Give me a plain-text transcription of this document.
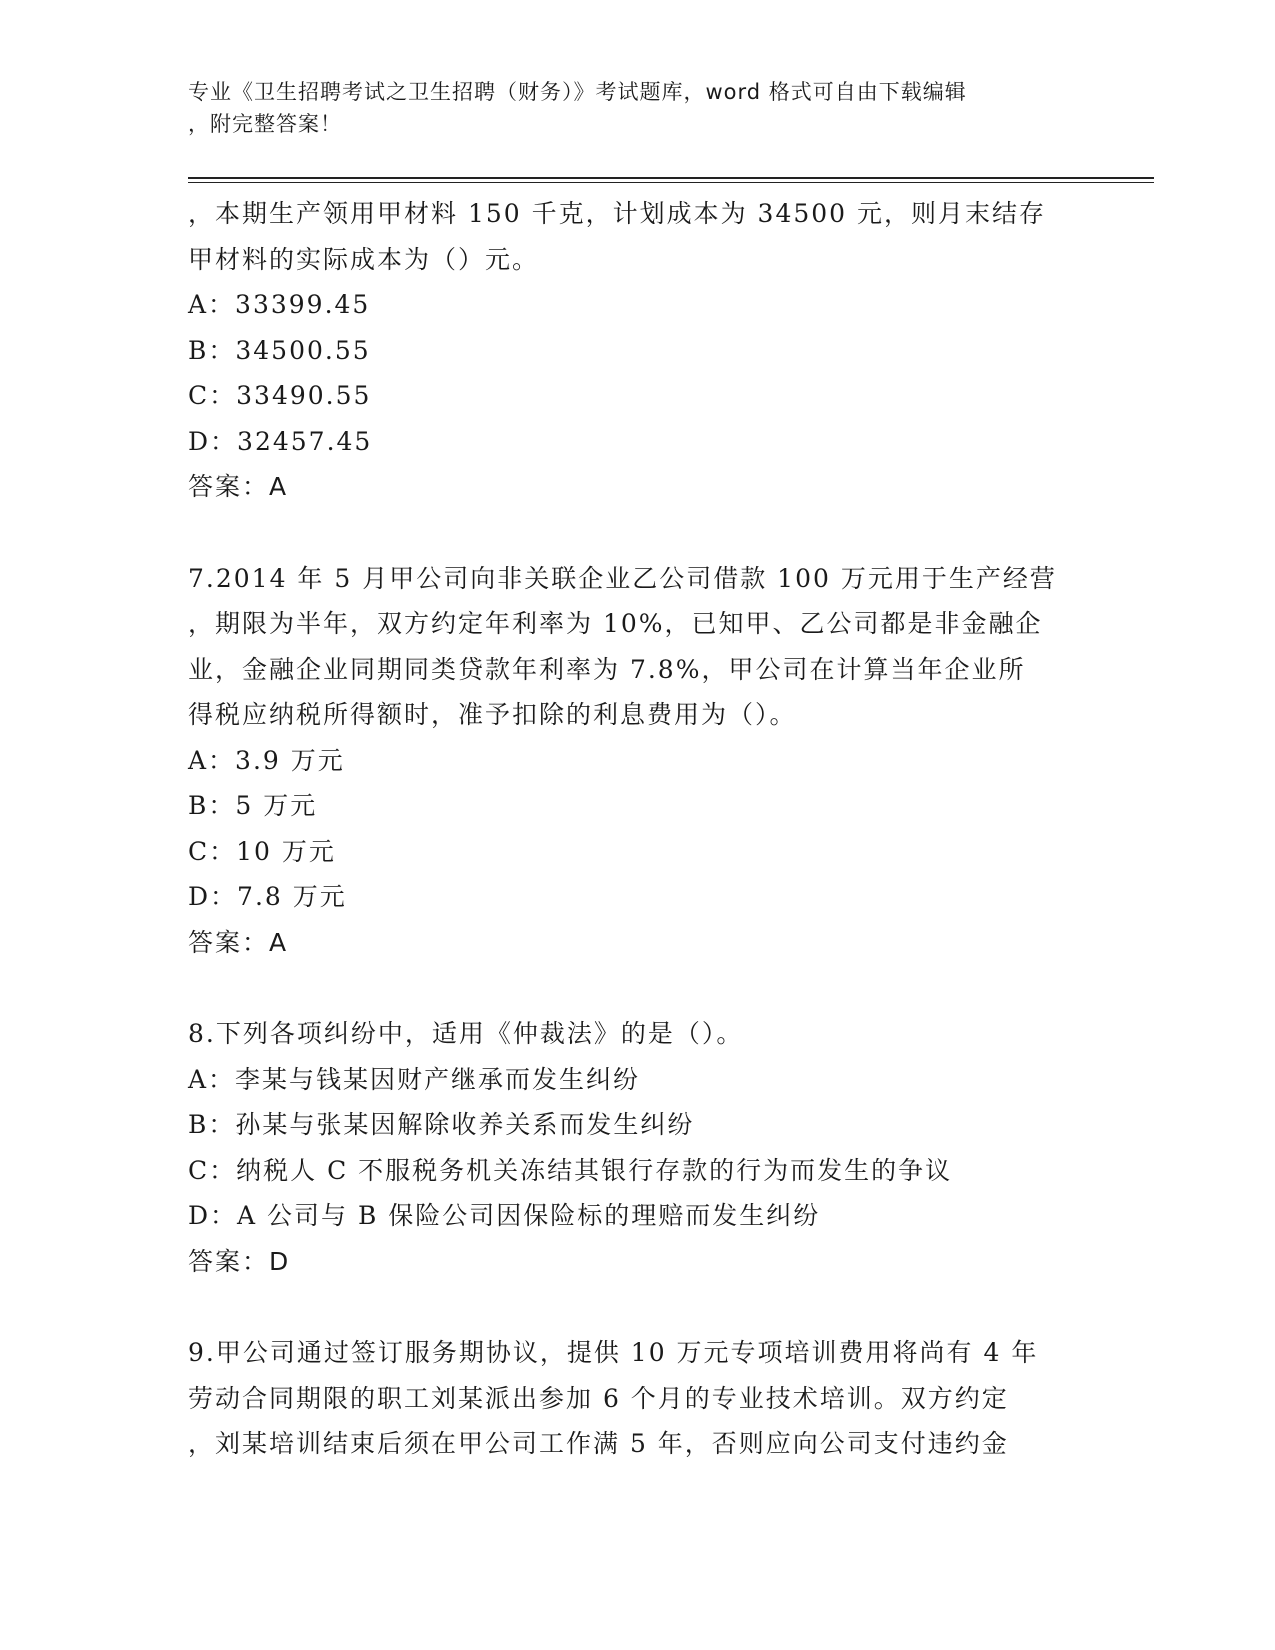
专业《卫生招聘考试之卫生招聘（财务）》考试题库，word 格式可自由下载编辑
，附完整答案！
，本期生产领用甲材料 150 千克，计划成本为 34500 元，则月末结存
甲材料的实际成本为（）元。
A：33399.45
B：34500.55
C：33490.55
D：32457.45
答案：A
7.2014 年 5 月甲公司向非关联企业乙公司借款 100 万元用于生产经营
，期限为半年，双方约定年利率为 10%，已知甲、乙公司都是非金融企
业，金融企业同期同类贷款年利率为 7.8%，甲公司在计算当年企业所
得税应纳税所得额时，准予扣除的利息费用为（）。
A：3.9 万元
B：5 万元
C：10 万元
D：7.8 万元
答案：A
8.下列各项纠纷中，适用《仲裁法》的是（）。
A：李某与钱某因财产继承而发生纠纷
B：孙某与张某因解除收养关系而发生纠纷
C：纳税人 C 不服税务机关冻结其银行存款的行为而发生的争议
D：A 公司与 B 保险公司因保险标的理赔而发生纠纷
答案：D
9.甲公司通过签订服务期协议，提供 10 万元专项培训费用将尚有 4 年
劳动合同期限的职工刘某派出参加 6 个月的专业技术培训。双方约定
，刘某培训结束后须在甲公司工作满 5 年，否则应向公司支付违约金
